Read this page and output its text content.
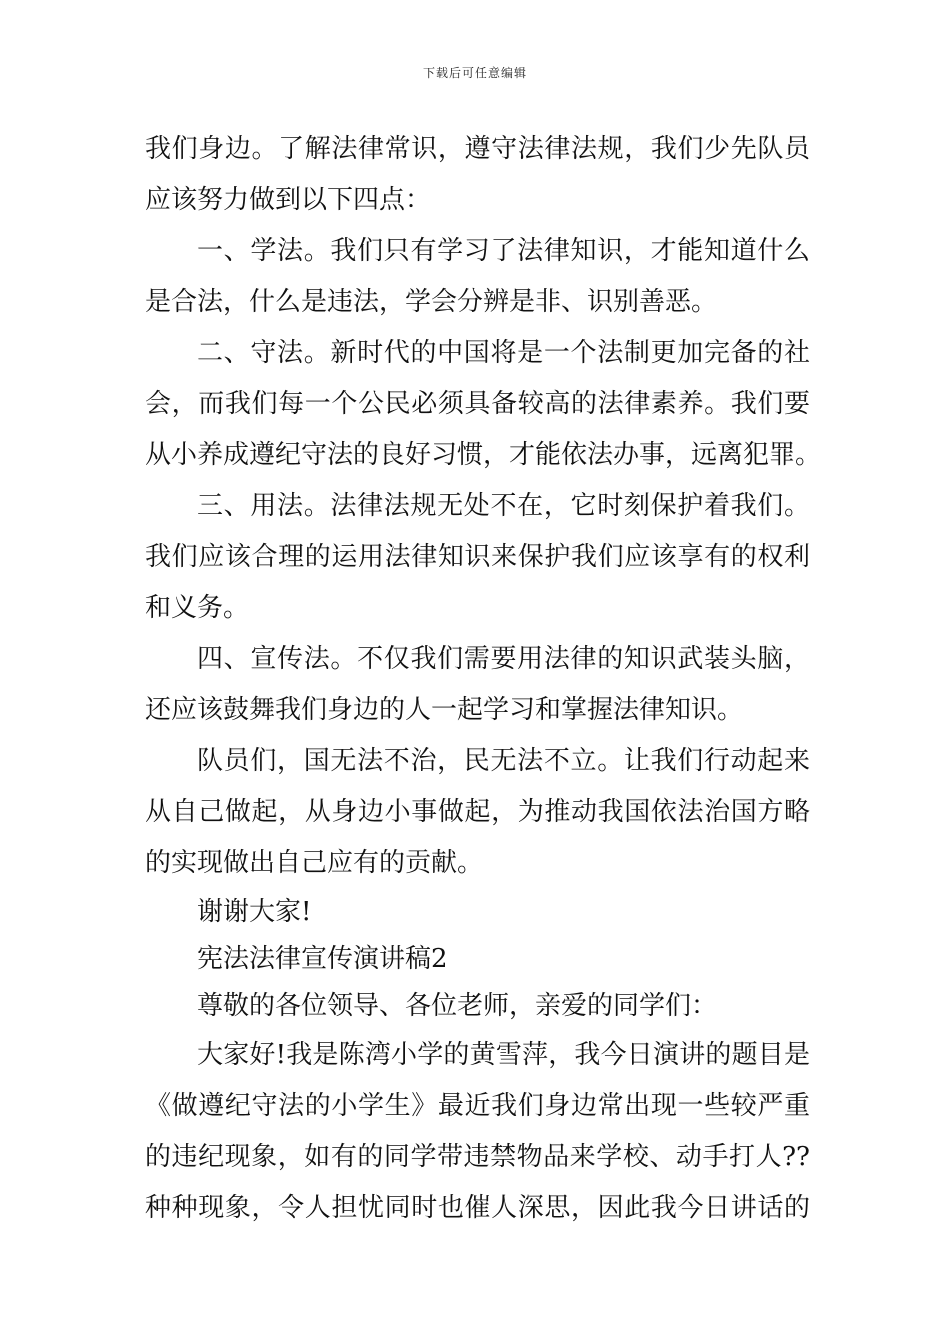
下载后可任意编辑
我们身边。了解法律常识，遵守法律法规，我们少先队员
应该努力做到以下四点：
一、学法。我们只有学习了法律知识，才能知道什么
是合法，什么是违法，学会分辨是非、识别善恶。
二、守法。新时代的中国将是一个法制更加完备的社
会，而我们每一个公民必须具备较高的法律素养。我们要
从小养成遵纪守法的良好习惯，才能依法办事，远离犯罪。
三、用法。法律法规无处不在，它时刻保护着我们。
我们应该合理的运用法律知识来保护我们应该享有的权利
和义务。
四、宣传法。不仅我们需要用法律的知识武装头脑，
还应该鼓舞我们身边的人一起学习和掌握法律知识。
队员们，国无法不治，民无法不立。让我们行动起来
从自己做起，从身边小事做起，为推动我国依法治国方略
的实现做出自己应有的贡献。
谢谢大家!
宪法法律宣传演讲稿2
尊敬的各位领导、各位老师，亲爱的同学们：
大家好!我是陈湾小学的黄雪萍，我今日演讲的题目是
《做遵纪守法的小学生》最近我们身边常出现一些较严重
的违纪现象，如有的同学带违禁物品来学校、动手打人??
种种现象，令人担忧同时也催人深思，因此我今日讲话的
